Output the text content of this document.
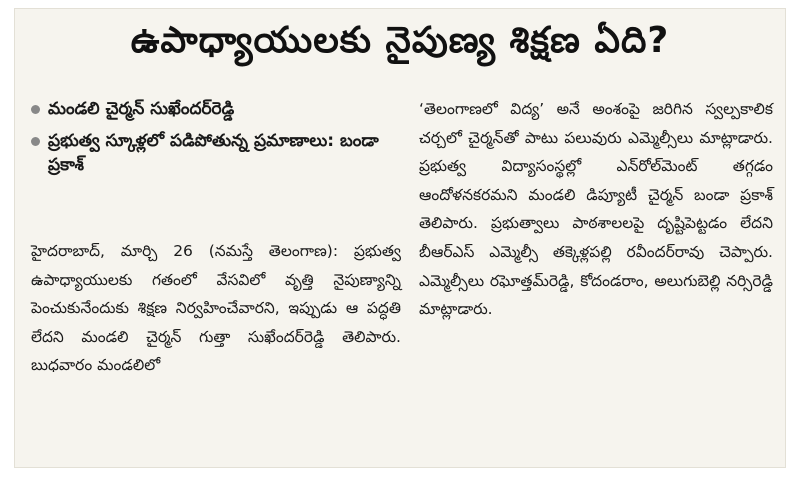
ఉపాధ్యాయులకు నైపుణ్య శిక్షణ ఏది?
మండలి చైర్మన్ సుఖేందర్‌రెడ్డి
ప్రభుత్వ స్కూళ్లలో పడిపోతున్న ప్రమాణాలు: బండా ప్రకాశ్

హైదరాబాద్, మార్చి 26 (నమస్తే తెలంగాణ): ప్రభుత్వ ఉపాధ్యాయులకు గతంలో వేసవిలో వృత్తి నైపుణ్యాన్ని పెంచుకునేందుకు శిక్షణ నిర్వహించేవారని, ఇప్పుడు ఆ పద్ధతి లేదని మండలి చైర్మన్ గుత్తా సుఖేందర్‌రెడ్డి తెలిపారు. బుధవారం మండలిలో

‘తెలంగాణలో విద్య’ అనే అంశంపై జరిగిన స్వల్పకాలిక చర్చలో చైర్మన్‌తో పాటు పలువురు ఎమ్మెల్సీలు మాట్లాడారు. ప్రభుత్వ విద్యాసంస్థల్లో ఎన్‌రోల్‌మెంట్ తగ్గడం ఆందోళనకరమని మండలి డిప్యూటీ చైర్మన్ బండా ప్రకాశ్ తెలిపారు. ప్రభుత్వాలు పాఠశాలలపై దృష్టిపెట్టడం లేదని బీఆర్‌ఎస్ ఎమ్మెల్సీ తక్కెళ్లపల్లి రవీందర్‌రావు చెప్పారు. ఎమ్మెల్సీలు రఘోత్తమ్‌రెడ్డి, కోదండరాం, అలుగుబెల్లి నర్సిరెడ్డి మాట్లాడారు.
